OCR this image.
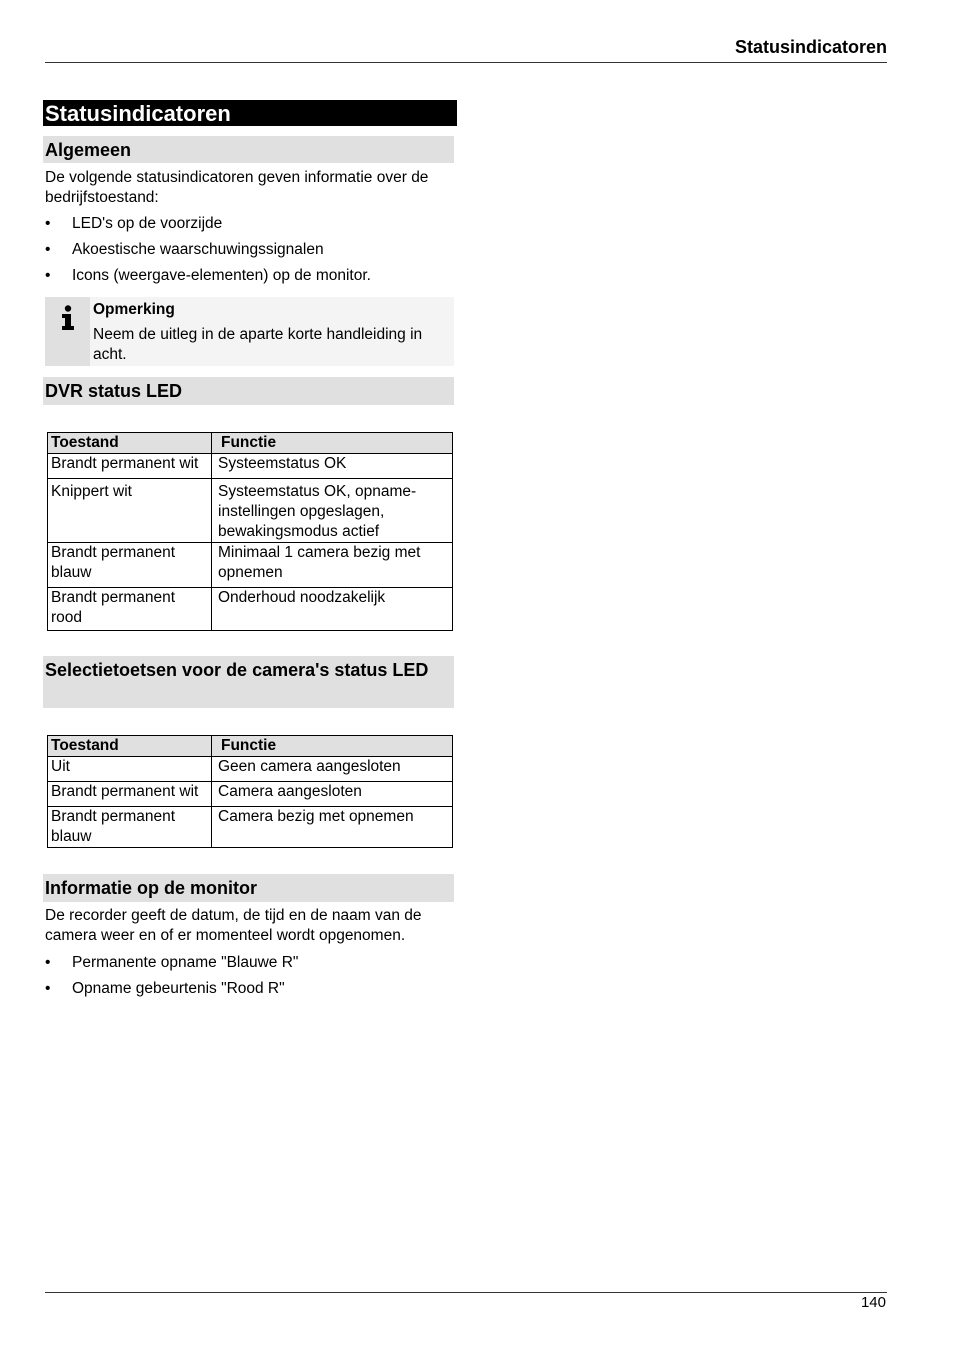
Statusindicatoren
Statusindicatoren
Algemeen

De volgende statusindicatoren geven informatie over de bedrijfstoestand:

• LED's op de voorzijde
• Akoestische waarschuwingssignalen
• Icons (weergave-elementen) op de monitor.
Opmerking
Neem de uitleg in de aparte korte handleiding in acht.
DVR status LED
Toestand	Functie
Brandt permanent wit	Systeemstatus OK
Knippert wit	Systeemstatus OK, opname-instellingen opgeslagen, bewakingsmodus actief
Brandt permanent blauw	Minimaal 1 camera bezig met opnemen
Brandt permanent rood	Onderhoud noodzakelijk
Selectietoetsen voor de camera's status LED
Toestand	Functie
Uit	Geen camera aangesloten
Brandt permanent wit	Camera aangesloten
Brandt permanent blauw	Camera bezig met opnemen
Informatie op de monitor

De recorder geeft de datum, de tijd en de naam van de camera weer en of er momenteel wordt opgenomen.

• Permanente opname "Blauwe R"
• Opname gebeurtenis "Rood R"
140
